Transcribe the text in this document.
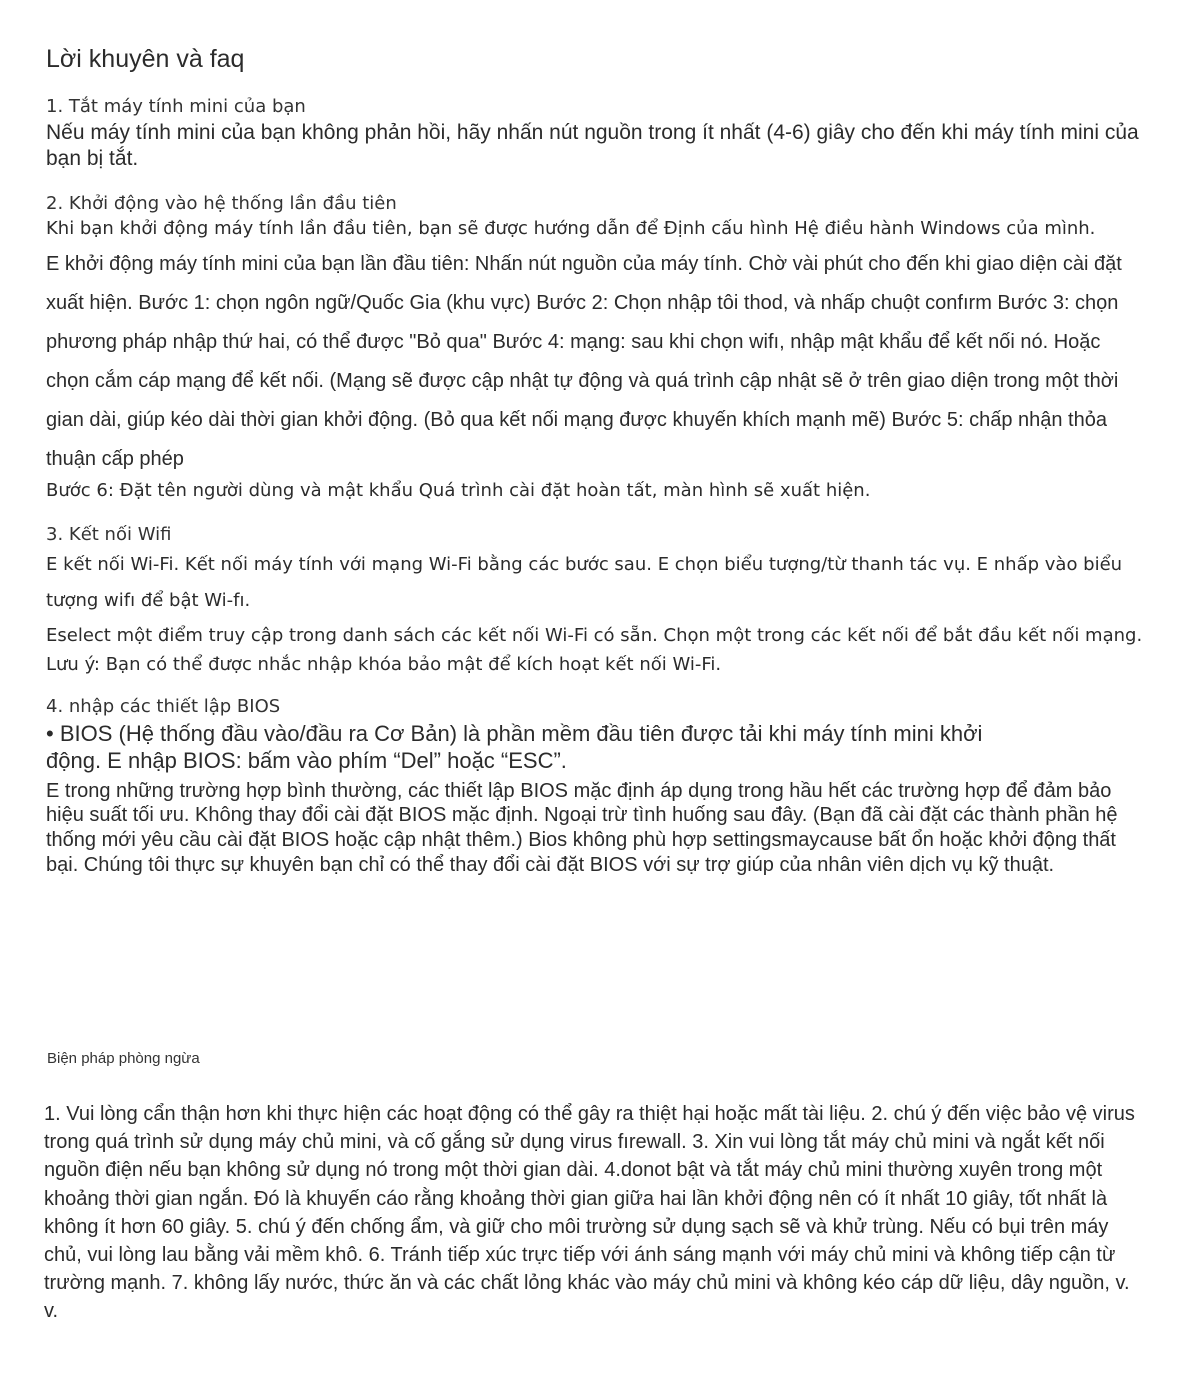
Lời khuyên và faq
1. Tắt máy tính mini của bạn

Nếu máy tính mini của bạn không phản hồi, hãy nhấn nút nguồn trong ít nhất (4-6) giây cho đến khi máy tính mini của bạn bị tắt.

2. Khởi động vào hệ thống lần đầu tiên

Khi bạn khởi động máy tính lần đầu tiên, bạn sẽ được hướng dẫn để Định cấu hình Hệ điều hành Windows của mình.

E khởi động máy tính mini của bạn lần đầu tiên: Nhấn nút nguồn của máy tính. Chờ vài phút cho đến khi giao diện cài đặt xuất hiện. Bước 1: chọn ngôn ngữ/Quốc Gia (khu vực) Bước 2: Chọn nhập tôi thod, và nhấp chuột confırm Bước 3: chọn phương pháp nhập thứ hai, có thể được "Bỏ qua" Bước 4: mạng: sau khi chọn wifı, nhập mật khẩu để kết nối nó. Hoặc chọn cắm cáp mạng để kết nối. (Mạng sẽ được cập nhật tự động và quá trình cập nhật sẽ ở trên giao diện trong một thời gian dài, giúp kéo dài thời gian khởi động. (Bỏ qua kết nối mạng được khuyến khích mạnh mẽ) Bước 5: chấp nhận thỏa thuận cấp phép

Bước 6: Đặt tên người dùng và mật khẩu Quá trình cài đặt hoàn tất, màn hình sẽ xuất hiện.

3. Kết nối Wifi

E kết nối Wi-Fi. Kết nối máy tính với mạng Wi-Fi bằng các bước sau. E chọn biểu tượng/từ thanh tác vụ. E nhấp vào biểu tượng wifı để bật Wi-fı.

Eselect một điểm truy cập trong danh sách các kết nối Wi-Fi có sẵn. Chọn một trong các kết nối để bắt đầu kết nối mạng.

Lưu ý: Bạn có thể được nhắc nhập khóa bảo mật để kích hoạt kết nối Wi-Fi.

4. nhập các thiết lập BIOS

• BIOS (Hệ thống đầu vào/đầu ra Cơ Bản) là phần mềm đầu tiên được tải khi máy tính mini khởi động. E nhập BIOS: bấm vào phím “Del” hoặc “ESC”.

E trong những trường hợp bình thường, các thiết lập BIOS mặc định áp dụng trong hầu hết các trường hợp để đảm bảo hiệu suất tối ưu. Không thay đổi cài đặt BIOS mặc định. Ngoại trừ tình huống sau đây. (Bạn đã cài đặt các thành phần hệ thống mới yêu cầu cài đặt BIOS hoặc cập nhật thêm.) Bios không phù hợp settingsmaycause bất ổn hoặc khởi động thất bại. Chúng tôi thực sự khuyên bạn chỉ có thể thay đổi cài đặt BIOS với sự trợ giúp của nhân viên dịch vụ kỹ thuật.

Biện pháp phòng ngừa

1. Vui lòng cẩn thận hơn khi thực hiện các hoạt động có thể gây ra thiệt hại hoặc mất tài liệu. 2. chú ý đến việc bảo vệ virus trong quá trình sử dụng máy chủ mini, và cố gắng sử dụng virus fırewall. 3. Xin vui lòng tắt máy chủ mini và ngắt kết nối nguồn điện nếu bạn không sử dụng nó trong một thời gian dài. 4.donot bật và tắt máy chủ mini thường xuyên trong một khoảng thời gian ngắn. Đó là khuyến cáo rằng khoảng thời gian giữa hai lần khởi động nên có ít nhất 10 giây, tốt nhất là không ít hơn 60 giây. 5. chú ý đến chống ẩm, và giữ cho môi trường sử dụng sạch sẽ và khử trùng. Nếu có bụi trên máy chủ, vui lòng lau bằng vải mềm khô. 6. Tránh tiếp xúc trực tiếp với ánh sáng mạnh với máy chủ mini và không tiếp cận từ trường mạnh. 7. không lấy nước, thức ăn và các chất lỏng khác vào máy chủ mini và không kéo cáp dữ liệu, dây nguồn, v. v.
